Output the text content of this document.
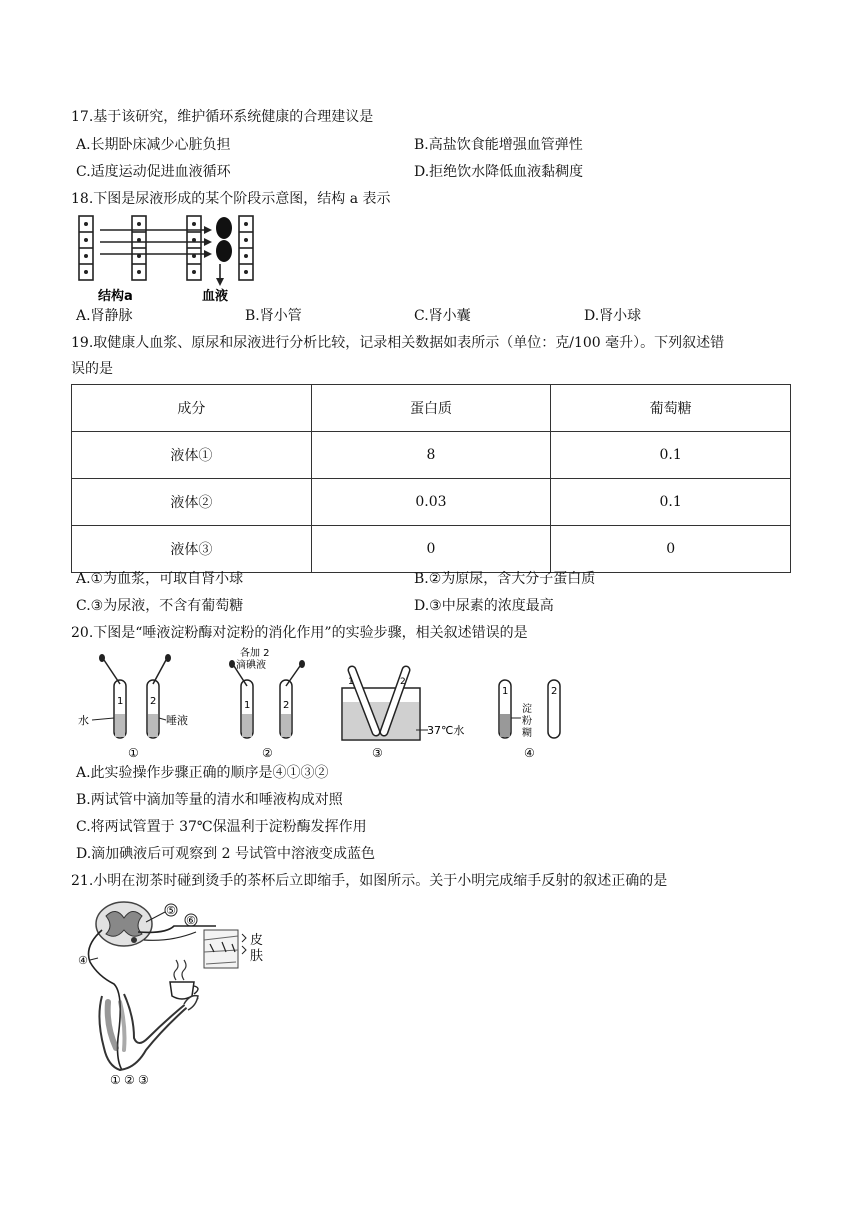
17.基于该研究，维护循环系统健康的合理建议是
A.长期卧床减少心脏负担	B.高盐饮食能增强血管弹性
C.适度运动促进血液循环	D.拒绝饮水降低血液黏稠度
18.下图是尿液形成的某个阶段示意图，结构 a 表示
结构a	血液
A.肾静脉	B.肾小管	C.肾小囊	D.肾小球
19.取健康人血浆、原尿和尿液进行分析比较，记录相关数据如表所示（单位：克/100 毫升）。下列叙述错
误的是
成分	蛋白质	葡萄糖
液体①	8	0.1
液体②	0.03	0.1
液体③	0	0
A.①为血浆，可取自肾小球	B.②为原尿，含大分子蛋白质
C.③为尿液，不含有葡萄糖	D.③中尿素的浓度最高
20.下图是“唾液淀粉酶对淀粉的消化作用”的实验步骤，相关叙述错误的是
1	2
水	唾液
①
各加 2
滴碘液
1	2
②
1	2
37℃水
③
1	2
淀
粉
糊
④
A.此实验操作步骤正确的顺序是④①③②
B.两试管中滴加等量的清水和唾液构成对照
C.将两试管置于 37℃保温利于淀粉酶发挥作用
D.滴加碘液后可观察到 2 号试管中溶液变成蓝色
21.小明在沏茶时碰到烫手的茶杯后立即缩手，如图所示。关于小明完成缩手反射的叙述正确的是
⑤
⑥
④
皮
肤
① ② ③
